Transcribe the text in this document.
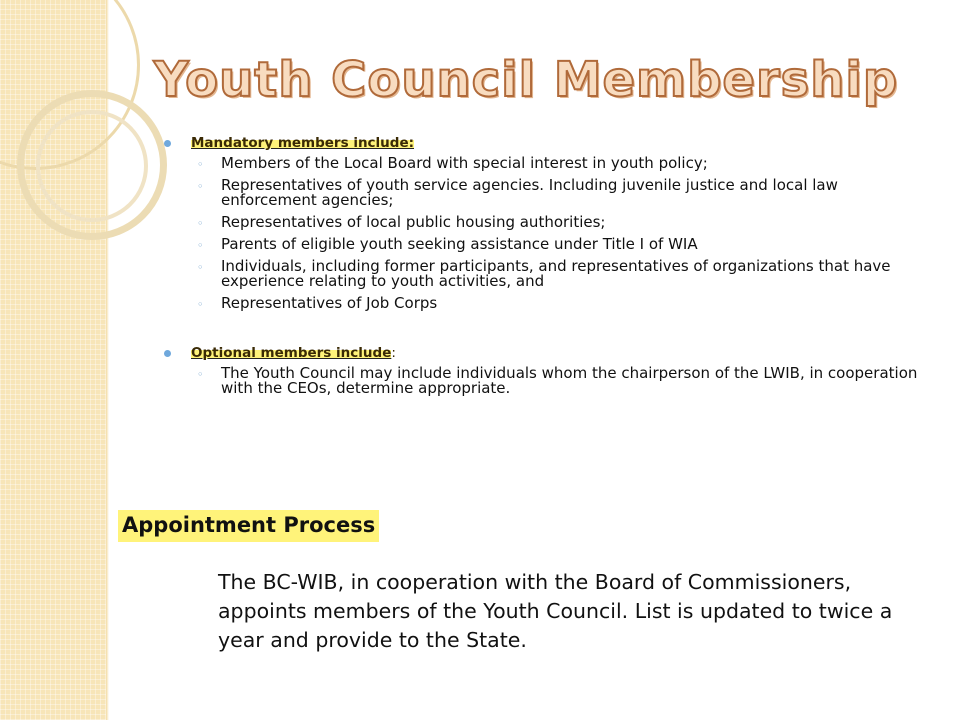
Youth Council Membership
Mandatory members include:
◦ Members of the Local Board with special interest in youth policy;
◦ Representatives of youth service agencies. Including juvenile justice and local law enforcement agencies;
◦ Representatives of local public housing authorities;
◦ Parents of eligible youth seeking assistance under Title I of WIA
◦ Individuals, including former participants, and representatives of organizations that have experience relating to youth activities, and
◦ Representatives of Job Corps
Optional members include:
◦ The Youth Council may include individuals whom the chairperson of the LWIB, in cooperation with the CEOs, determine appropriate.
Appointment Process
The BC-WIB, in cooperation with the Board of Commissioners, appoints members of the Youth Council. List is updated to twice a year and provide to the State.
